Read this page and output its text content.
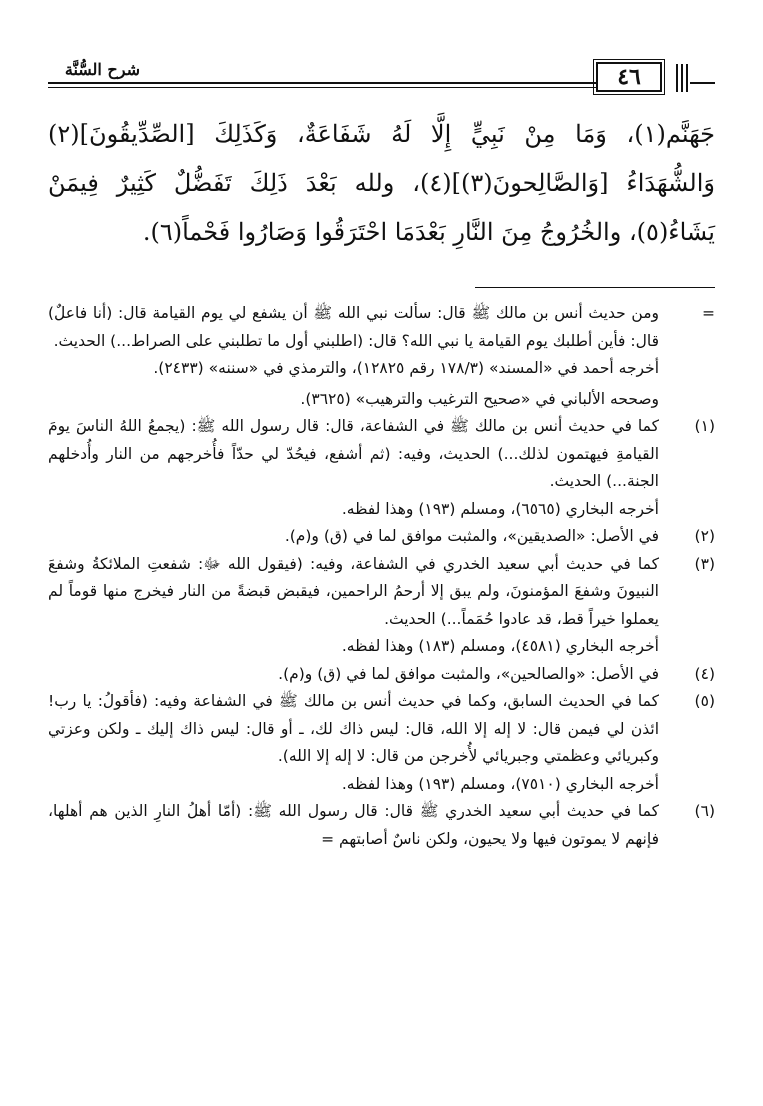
شرح السُّنَّة	٤٦

جَهَنَّم(١)، وَمَا مِنْ نَبِيٍّ إِلَّا لَهُ شَفَاعَةٌ، وَكَذَلِكَ [الصِّدِّيقُونَ](٢) وَالشُّهَدَاءُ [وَالصَّالِحونَ(٣)](٤)، ولله بَعْدَ ذَلِكَ تَفَضُّلٌ كَثِيرٌ فِيمَنْ يَشَاءُ(٥)، والخُرُوجُ مِنَ النَّارِ بَعْدَمَا احْتَرَقُوا وَصَارُوا فَحْماً(٦).

=

ومن حديث أنس بن مالك ﷺ قال: سألت نبي الله ﷺ أن يشفع لي يوم القيامة قال: (أنا فاعلٌ) قال: فأين أطلبك يوم القيامة يا نبي الله؟ قال: (اطلبني أول ما تطلبني على الصراط...) الحديث.

أخرجه أحمد في «المسند» (١٧٨/٣ رقم ١٢٨٢٥)، والترمذي في «سننه» (٢٤٣٣).

وصححه الألباني في «صحيح الترغيب والترهيب» (٣٦٢٥).

(١)

كما في حديث أنس بن مالك ﷺ في الشفاعة، قال: قال رسول الله ﷺ: (يجمعُ اللهُ الناسَ يومَ القيامةِ فيهتمون لذلك...) الحديث، وفيه: (ثم أشفع، فيحُدّ لي حدّاً فأُخرجهم من النار وأُدخلهم الجنة...) الحديث.

أخرجه البخاري (٦٥٦٥)، ومسلم (١٩٣) وهذا لفظه.

(٢)

في الأصل: «الصديقين»، والمثبت موافق لما في (ق) و(م).

(٣)

كما في حديث أبي سعيد الخدري في الشفاعة، وفيه: (فيقول الله ﷻ: شفعتِ الملائكةُ وشفعَ النبيونَ وشفعَ المؤمنونَ، ولم يبق إلا أرحمُ الراحمين، فيقبض قبضةً من النار فيخرج منها قوماً لم يعملوا خيراً قط، قد عادوا حُمَماً...) الحديث.

أخرجه البخاري (٤٥٨١)، ومسلم (١٨٣) وهذا لفظه.

(٤)

في الأصل: «والصالحين»، والمثبت موافق لما في (ق) و(م).

(٥)

كما في الحديث السابق، وكما في حديث أنس بن مالك ﷺ في الشفاعة وفيه: (فأقولُ: يا رب! ائذن لي فيمن قال: لا إله إلا الله، قال: ليس ذاك لك، ـ أو قال: ليس ذاك إليك ـ ولكن وعزتي وكبريائي وعظمتي وجبريائي لأُخرجن من قال: لا إله إلا الله).

أخرجه البخاري (٧٥١٠)، ومسلم (١٩٣) وهذا لفظه.

(٦)

كما في حديث أبي سعيد الخدري ﷺ قال: قال رسول الله ﷺ: (أمّا أهلُ النارِ الذين هم أهلها، فإنهم لا يموتون فيها ولا يحيون، ولكن ناسٌ أصابتهم =
